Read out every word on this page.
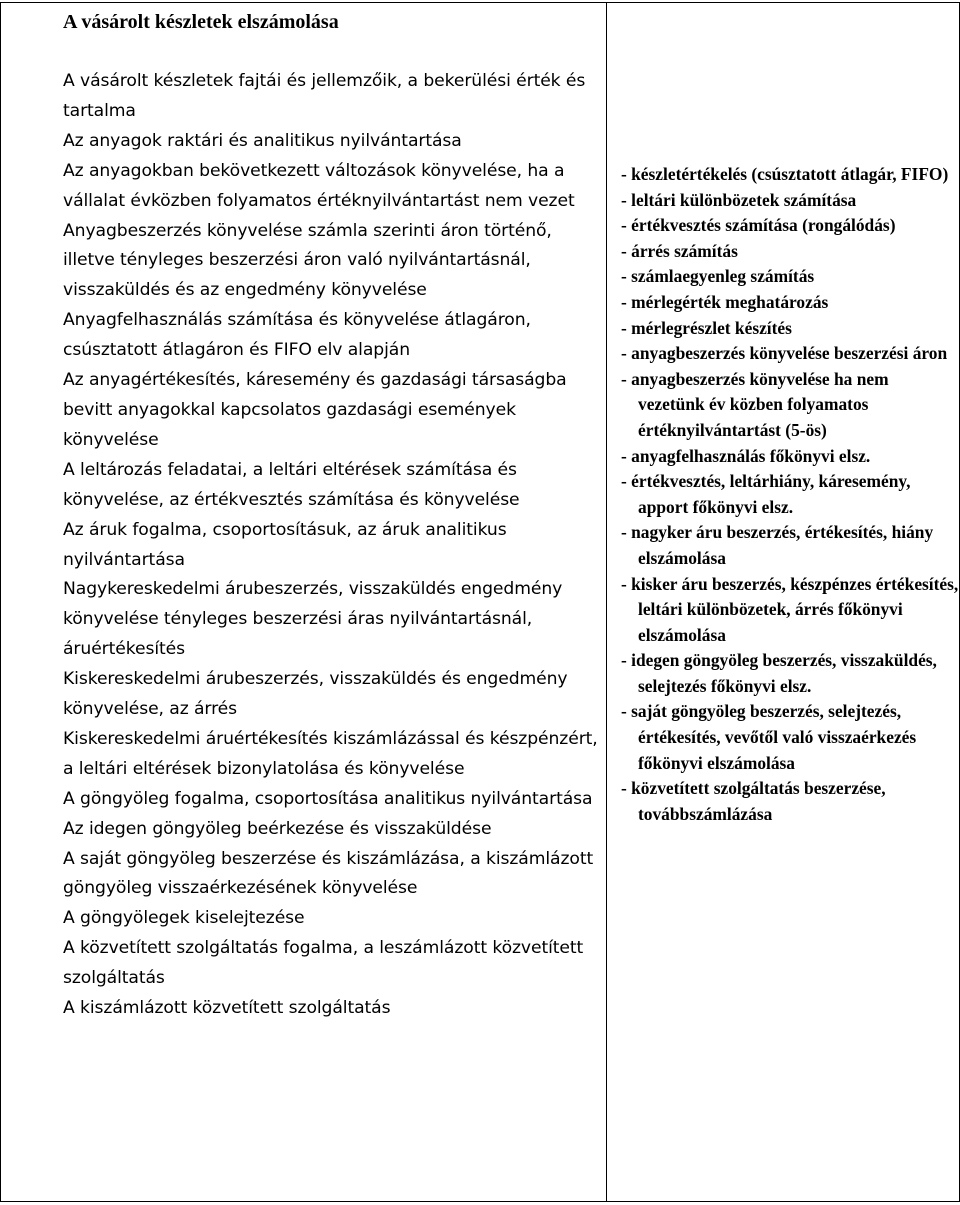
A vásárolt készletek elszámolása
A vásárolt készletek fajtái és jellemzőik, a bekerülési érték és tartalma
Az anyagok raktári és analitikus nyilvántartása
Az anyagokban bekövetkezett változások könyvelése, ha a vállalat évközben folyamatos értéknyilvántartást nem vezet
Anyagbeszerzés könyvelése számla szerinti áron történő, illetve tényleges beszerzési áron való nyilvántartásnál, visszaküldés és az engedmény könyvelése
Anyagfelhasználás számítása és könyvelése átlagáron, csúsztatott átlagáron és FIFO elv alapján
Az anyagértékesítés, káresemény és gazdasági társaságba bevitt anyagokkal kapcsolatos gazdasági események könyvelése
A leltározás feladatai, a leltári eltérések számítása és könyvelése, az értékvesztés számítása és könyvelése
Az áruk fogalma, csoportosításuk, az áruk analitikus nyilvántartása
Nagykereskedelmi árubeszerzés, visszaküldés engedmény könyvelése tényleges beszerzési áras nyilvántartásnál, áruértékesítés
Kiskereskedelmi árubeszerzés, visszaküldés és engedmény könyvelése, az árrés
Kiskereskedelmi áruértékesítés kiszámlázással és készpénzért, a leltári eltérések bizonylatolása és könyvelése
A göngyöleg fogalma, csoportosítása analitikus nyilvántartása
Az idegen göngyöleg beérkezése és visszaküldése
A saját göngyöleg beszerzése és kiszámlázása, a kiszámlázott göngyöleg visszaérkezésének könyvelése
A göngyölegek kiselejtezése
A közvetített szolgáltatás fogalma, a leszámlázott közvetített szolgáltatás
A kiszámlázott közvetített szolgáltatás

- készletértékelés (csúsztatott átlagár, FIFO)
- leltári különbözetek számítása
- értékvesztés számítása (rongálódás)
- árrés számítás
- számlaegyenleg számítás
- mérlegérték meghatározás
- mérlegrészlet készítés
- anyagbeszerzés könyvelése beszerzési áron
- anyagbeszerzés könyvelése ha nem vezetünk év közben folyamatos értéknyilvántartást (5-ös)
- anyagfelhasználás főkönyvi elsz.
- értékvesztés, leltárhiány, káresemény, apport főkönyvi elsz.
- nagyker áru beszerzés, értékesítés, hiány elszámolása
- kisker áru beszerzés, készpénzes értékesítés, leltári különbözetek, árrés főkönyvi elszámolása
- idegen göngyöleg beszerzés, visszaküldés, selejtezés főkönyvi elsz.
- saját göngyöleg beszerzés, selejtezés, értékesítés, vevőtől való visszaérkezés főkönyvi elszámolása
- közvetített szolgáltatás beszerzése, továbbszámlázása
